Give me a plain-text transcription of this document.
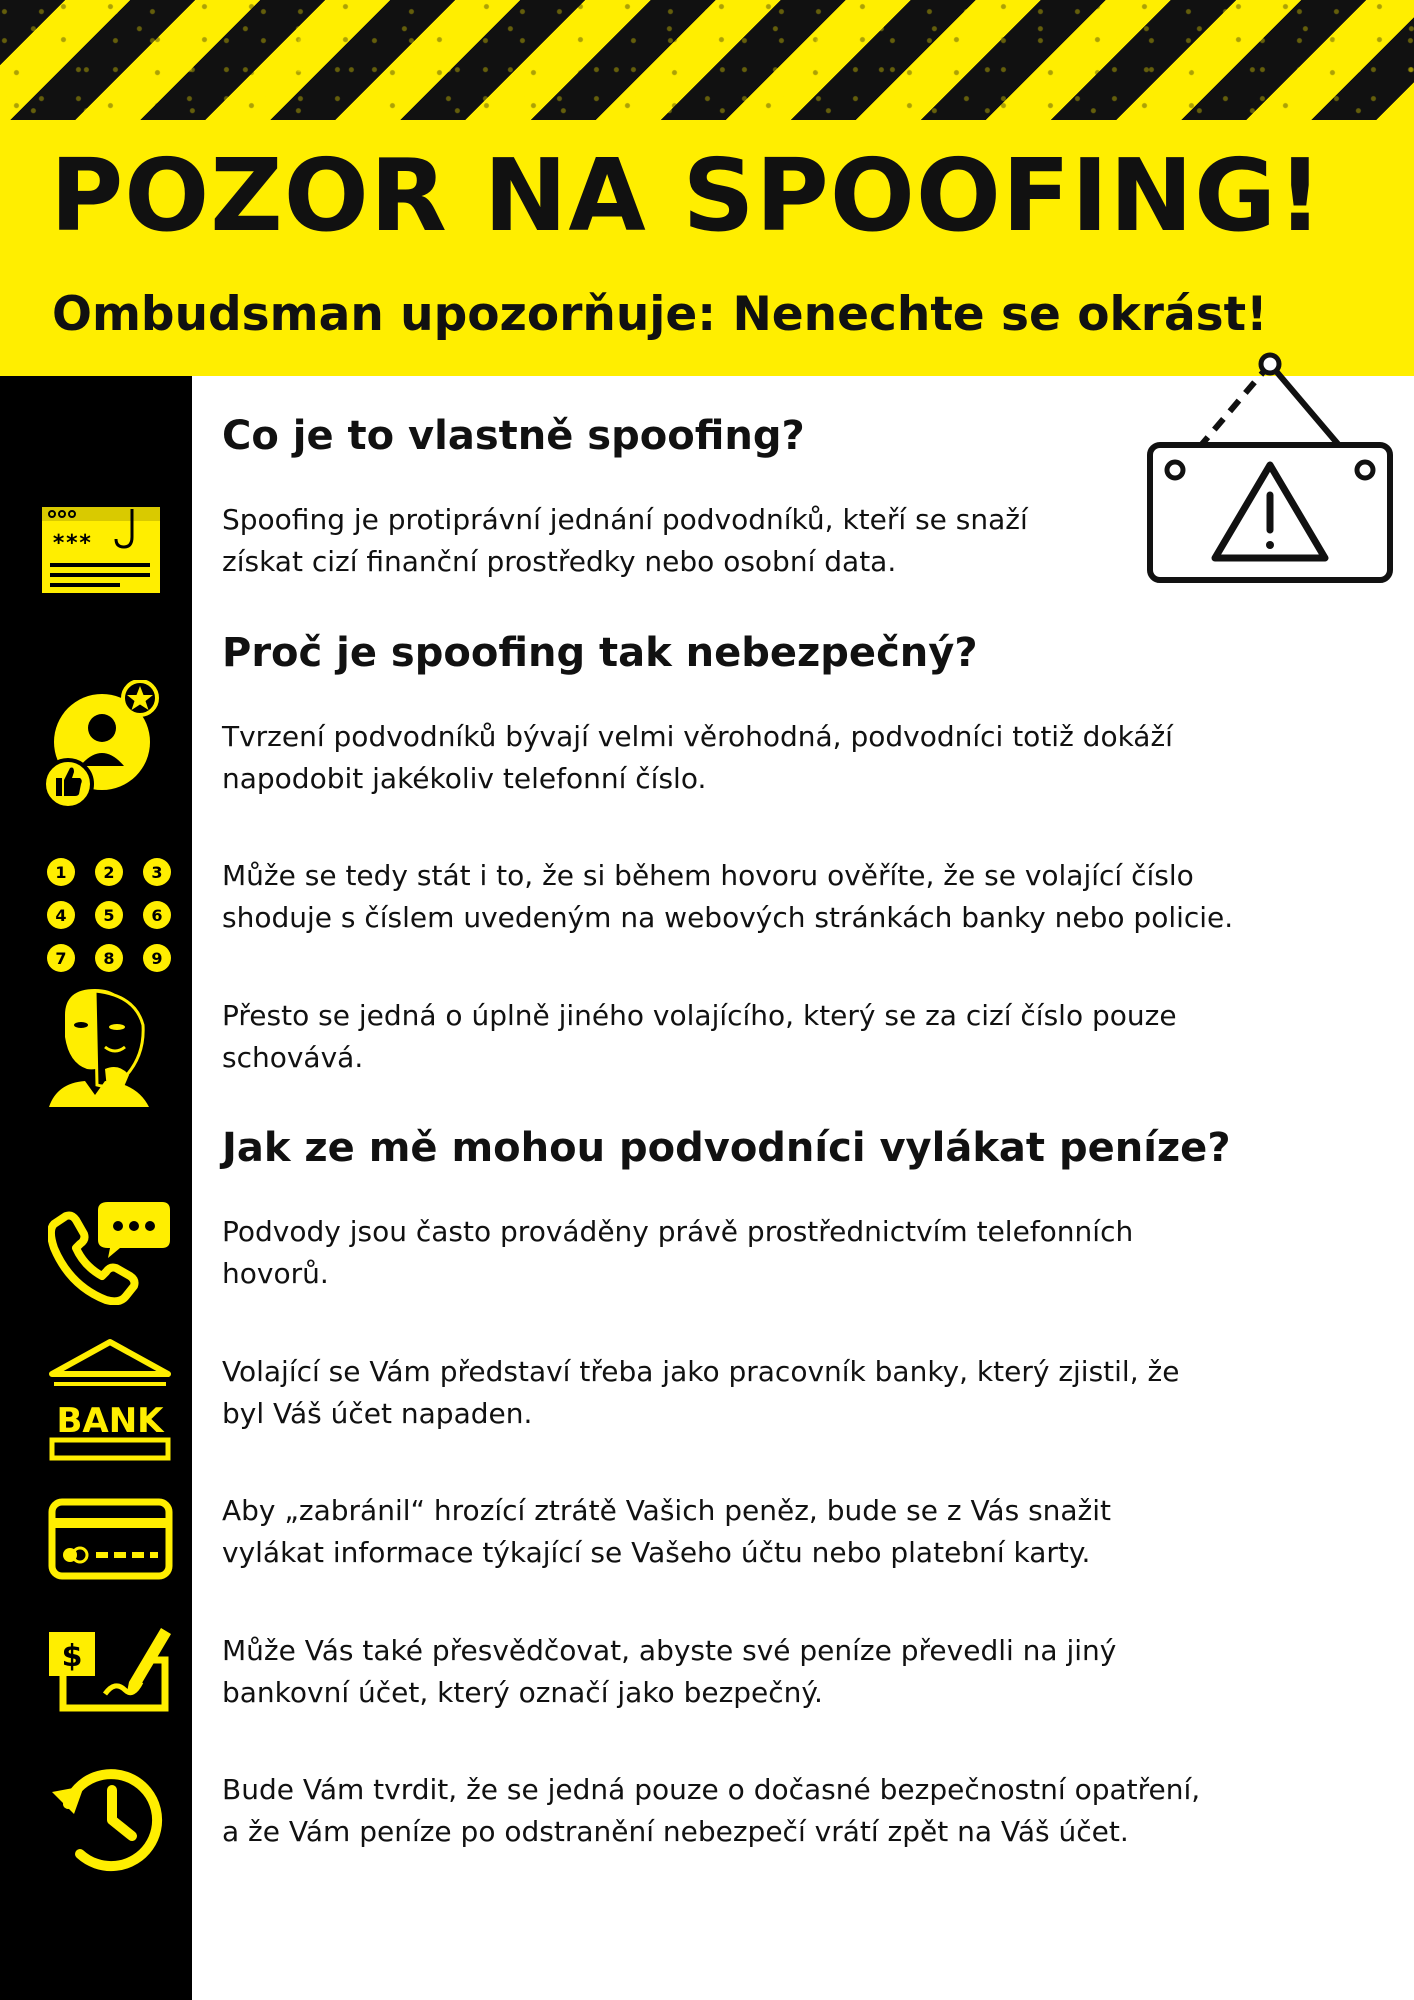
POZOR NA SPOOFING!
Ombudsman upozorňuje: Nenechte se okrást!
***
1 2 3
4 5 6
7 8 9
BANK
$
Co je to vlastně spoofing?

Spoofing je protiprávní jednání podvodníků, kteří se snaží

získat cizí finanční prostředky nebo osobní data.

Proč je spoofing tak nebezpečný?

Tvrzení podvodníků bývají velmi věrohodná, podvodníci totiž dokáží

napodobit jakékoliv telefonní číslo.

Může se tedy stát i to, že si během hovoru ověříte, že se volající číslo

shoduje s číslem uvedeným na webových stránkách banky nebo policie.

Přesto se jedná o úplně jiného volajícího, který se za cizí číslo pouze

schovává.

Jak ze mě mohou podvodníci vylákat peníze?

Podvody jsou často prováděny právě prostřednictvím telefonních

hovorů.

Volající se Vám představí třeba jako pracovník banky, který zjistil, že

byl Váš účet napaden.

Aby „zabránil“ hrozící ztrátě Vašich peněz, bude se z Vás snažit

vylákat informace týkající se Vašeho účtu nebo platební karty.

Může Vás také přesvědčovat, abyste své peníze převedli na jiný

bankovní účet, který označí jako bezpečný.

Bude Vám tvrdit, že se jedná pouze o dočasné bezpečnostní opatření,

a že Vám peníze po odstranění nebezpečí vrátí zpět na Váš účet.
